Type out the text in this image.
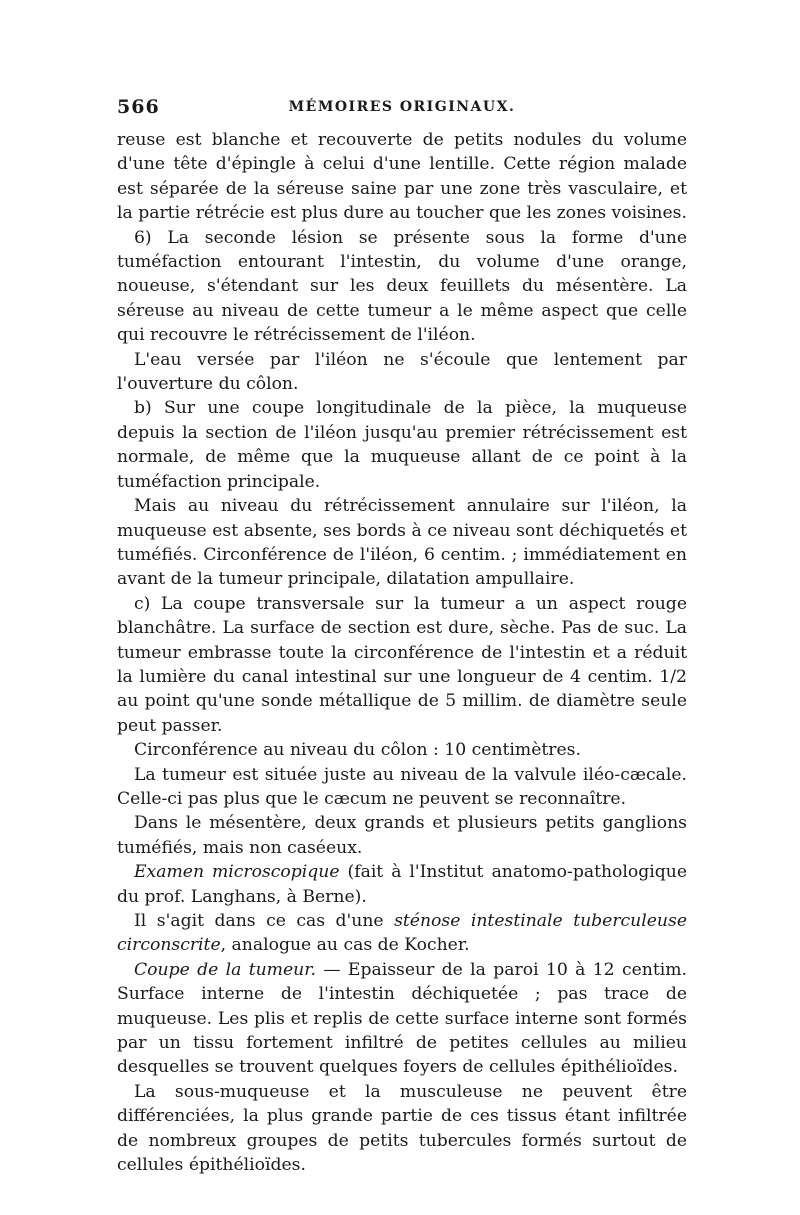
566	MÉMOIRES ORIGINAUX.

reuse est blanche et recouverte de petits nodules du volume d'une tête d'épingle à celui d'une lentille. Cette région malade est séparée de la séreuse saine par une zone très vasculaire, et la partie rétrécie est plus dure au toucher que les zones voisines.

6) La seconde lésion se présente sous la forme d'une tuméfaction entourant l'intestin, du volume d'une orange, noueuse, s'étendant sur les deux feuillets du mésentère. La séreuse au niveau de cette tumeur a le même aspect que celle qui recouvre le rétrécissement de l'iléon.

L'eau versée par l'iléon ne s'écoule que lentement par l'ouverture du côlon.

b) Sur une coupe longitudinale de la pièce, la muqueuse depuis la section de l'iléon jusqu'au premier rétrécissement est normale, de même que la muqueuse allant de ce point à la tuméfaction principale.

Mais au niveau du rétrécissement annulaire sur l'iléon, la muqueuse est absente, ses bords à ce niveau sont déchiquetés et tuméfiés. Circonférence de l'iléon, 6 centim. ; immédiatement en avant de la tumeur principale, dilatation ampullaire.

c) La coupe transversale sur la tumeur a un aspect rouge blanchâtre. La surface de section est dure, sèche. Pas de suc. La tumeur embrasse toute la circonférence de l'intestin et a réduit la lumière du canal intestinal sur une longueur de 4 centim. 1/2 au point qu'une sonde métallique de 5 millim. de diamètre seule peut passer.

Circonférence au niveau du côlon : 10 centimètres.

La tumeur est située juste au niveau de la valvule iléo-cæcale. Celle-ci pas plus que le cæcum ne peuvent se reconnaître.

Dans le mésentère, deux grands et plusieurs petits ganglions tuméfiés, mais non caséeux.

Examen microscopique (fait à l'Institut anatomo-pathologique du prof. Langhans, à Berne).

Il s'agit dans ce cas d'une sténose intestinale tuberculeuse circonscrite, analogue au cas de Kocher.

Coupe de la tumeur. — Epaisseur de la paroi 10 à 12 centim. Surface interne de l'intestin déchiquetée ; pas trace de muqueuse. Les plis et replis de cette surface interne sont formés par un tissu fortement infiltré de petites cellules au milieu desquelles se trouvent quelques foyers de cellules épithélioïdes.

La sous-muqueuse et la musculeuse ne peuvent être différenciées, la plus grande partie de ces tissus étant infiltrée de nombreux groupes de petits tubercules formés surtout de cellules épithélioïdes.
